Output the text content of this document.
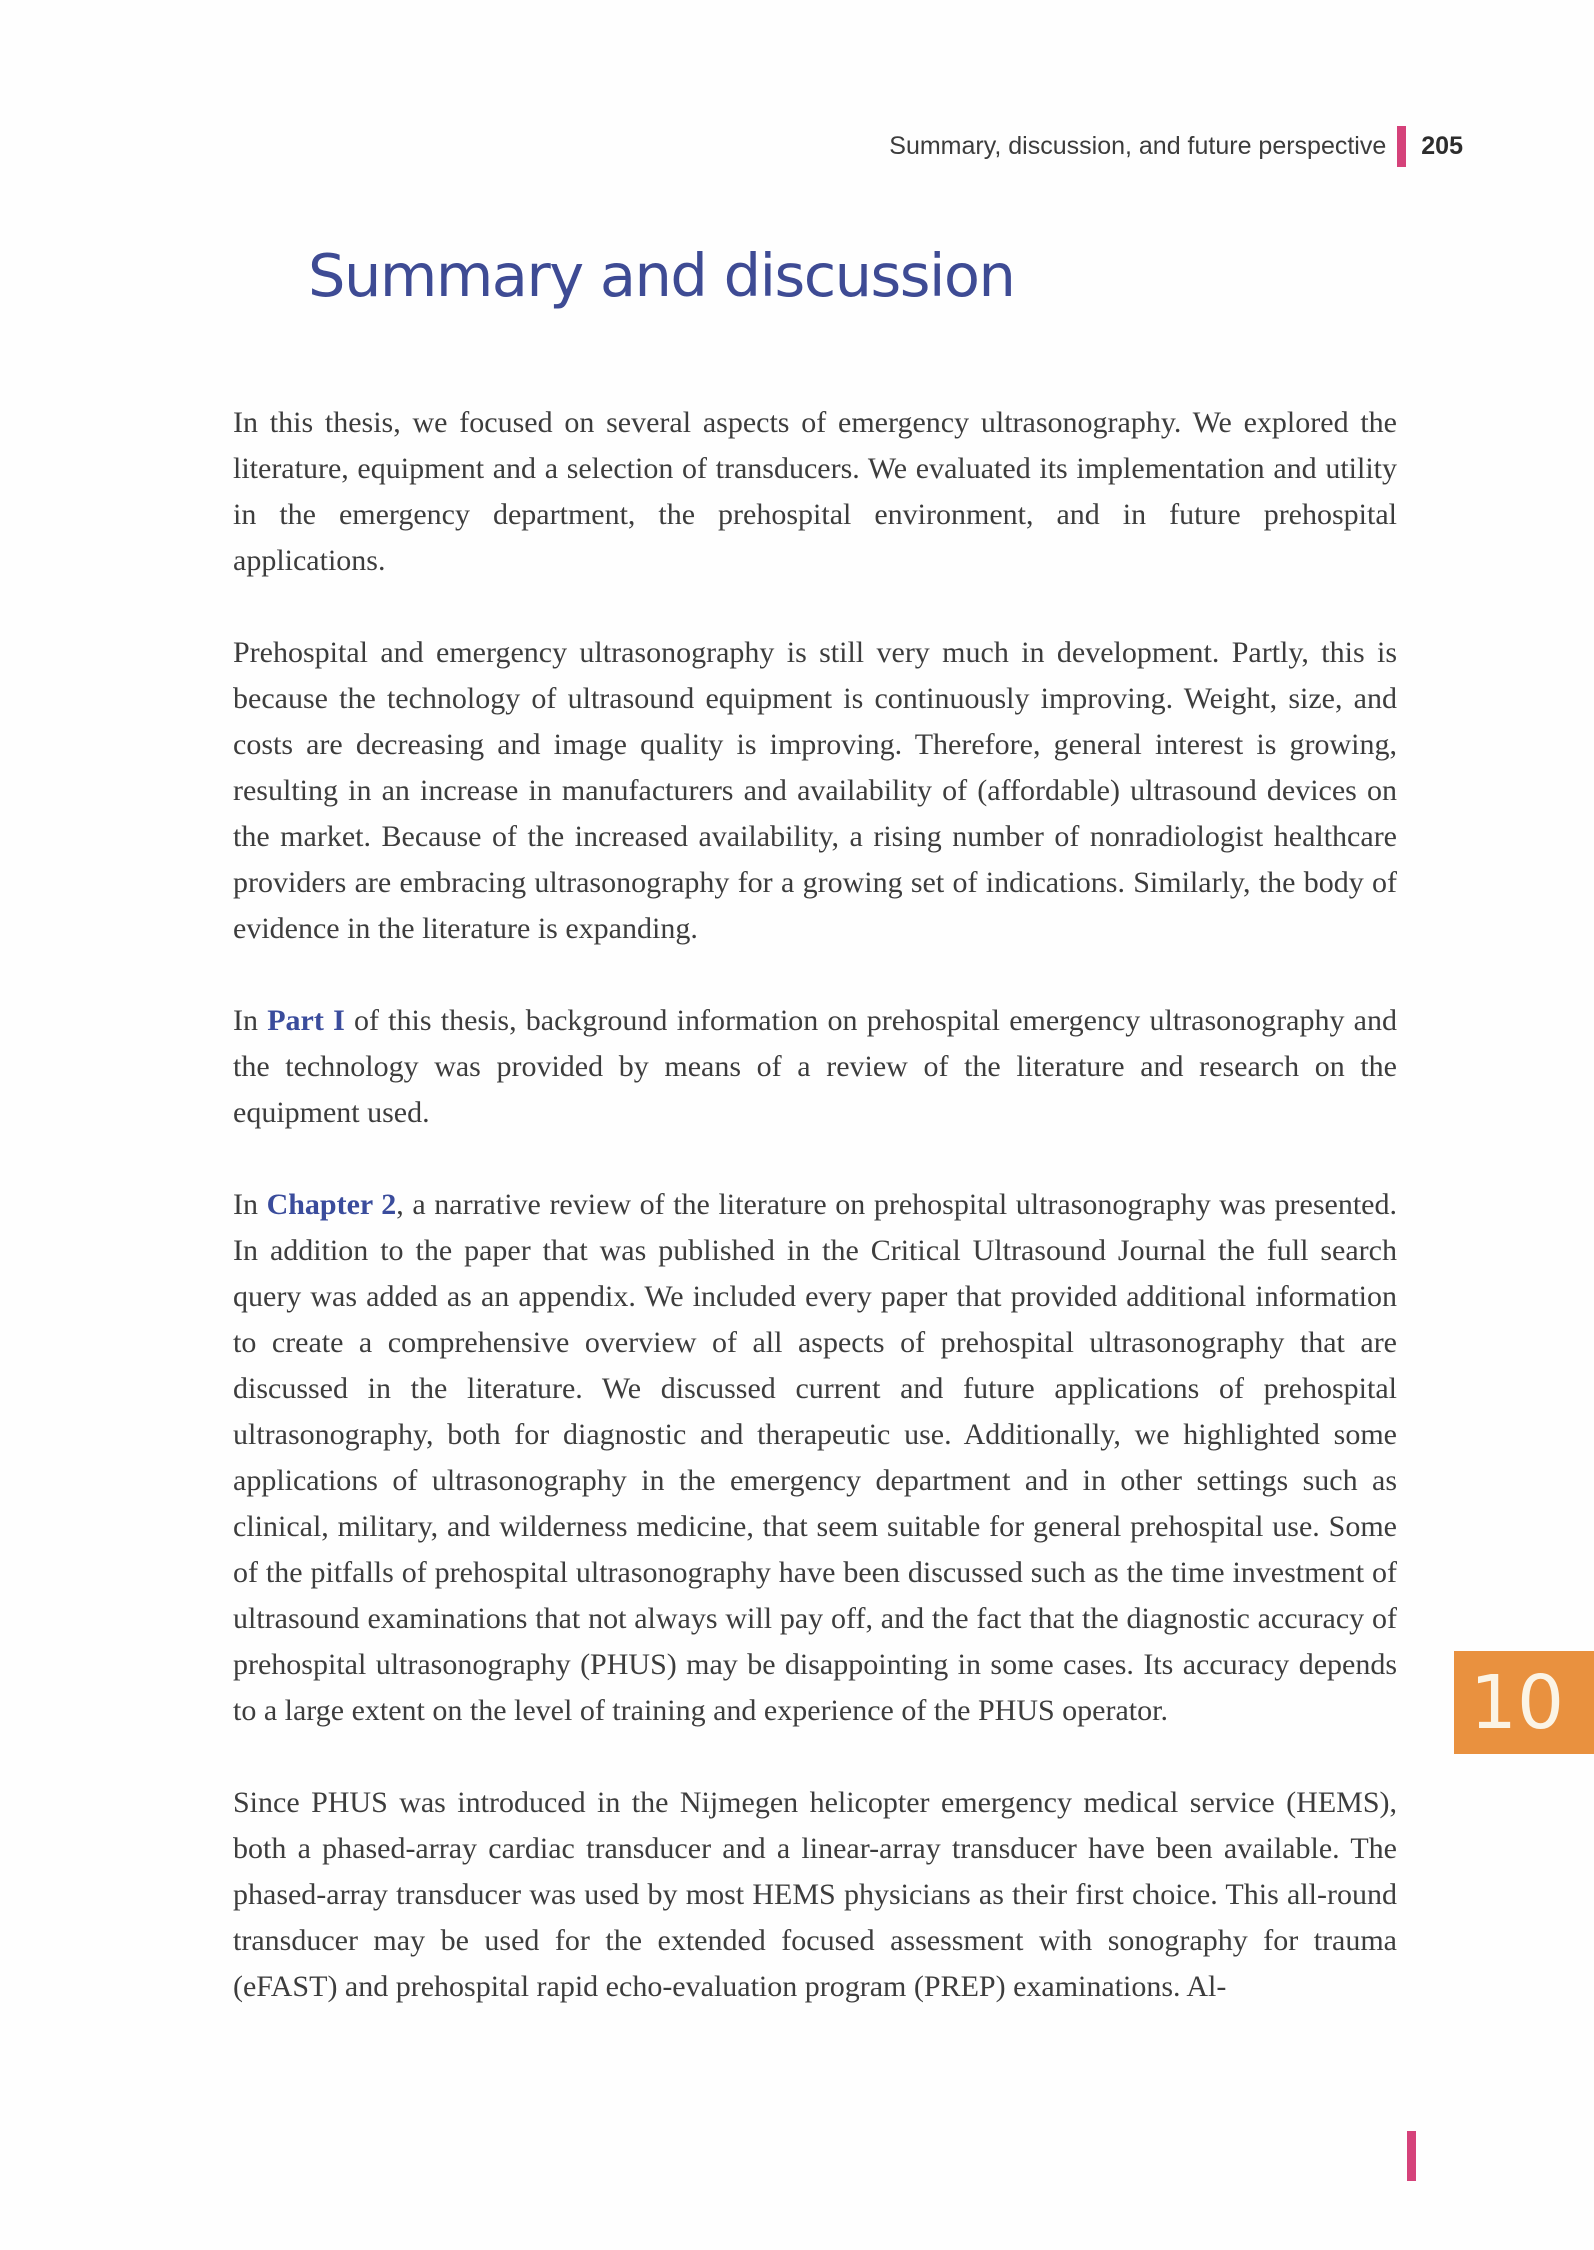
Summary, discussion, and future perspective 205
Summary and discussion

In this thesis, we focused on several aspects of emergency ultrasonography. We explored the literature, equipment and a selection of transducers. We evaluated its implementation and utility in the emergency department, the prehospital environment, and in future prehospital applications.

Prehospital and emergency ultrasonography is still very much in development. Partly, this is because the technology of ultrasound equipment is continuously improving. Weight, size, and costs are decreasing and image quality is improving. Therefore, general interest is growing, resulting in an increase in manufacturers and availability of (affordable) ultrasound devices on the market. Because of the increased availability, a rising number of nonradiologist healthcare providers are embracing ultrasonography for a growing set of indications. Similarly, the body of evidence in the literature is expanding.

In Part I of this thesis, background information on prehospital emergency ultrasonography and the technology was provided by means of a review of the literature and research on the equipment used.

In Chapter 2, a narrative review of the literature on prehospital ultrasonography was presented. In addition to the paper that was published in the Critical Ultrasound Journal the full search query was added as an appendix. We included every paper that provided additional information to create a comprehensive overview of all aspects of prehospital ultrasonography that are discussed in the literature. We discussed current and future applications of prehospital ultrasonography, both for diagnostic and therapeutic use. Additionally, we highlighted some applications of ultrasonography in the emergency department and in other settings such as clinical, military, and wilderness medicine, that seem suitable for general prehospital use. Some of the pitfalls of prehospital ultrasonography have been discussed such as the time investment of ultrasound examinations that not always will pay off, and the fact that the diagnostic accuracy of prehospital ultrasonography (PHUS) may be disappointing in some cases. Its accuracy depends to a large extent on the level of training and experience of the PHUS operator.

Since PHUS was introduced in the Nijmegen helicopter emergency medical service (HEMS), both a phased-array cardiac transducer and a linear-array transducer have been available. The phased-array transducer was used by most HEMS physicians as their first choice. This all-round transducer may be used for the extended focused assessment with sonography for trauma (eFAST) and prehospital rapid echo-evaluation program (PREP) examinations. Al-

10
